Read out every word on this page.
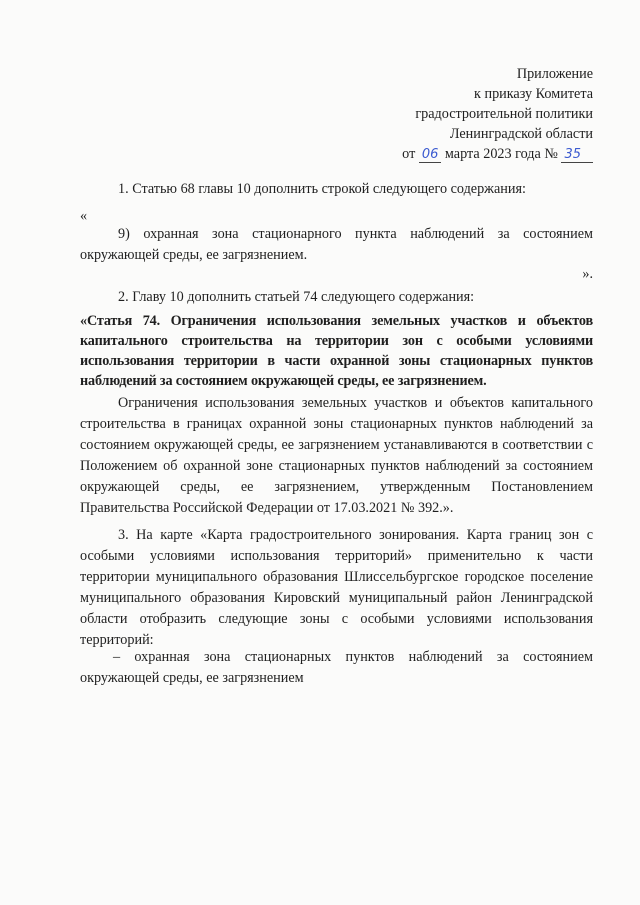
Приложение
к приказу Комитета
градостроительной политики
Ленинградской области
от 06 марта 2023 года № 35
1. Статью 68 главы 10 дополнить строкой следующего содержания:
«
9) охранная зона стационарного пункта наблюдений за состоянием окружающей среды, ее загрязнением.
».
2. Главу 10 дополнить статьей 74 следующего содержания:
«Статья 74. Ограничения использования земельных участков и объектов капитального строительства на территории зон с особыми условиями использования территории в части охранной зоны стационарных пунктов наблюдений за состоянием окружающей среды, ее загрязнением.
Ограничения использования земельных участков и объектов капитального строительства в границах охранной зоны стационарных пунктов наблюдений за состоянием окружающей среды, ее загрязнением устанавливаются в соответствии с Положением об охранной зоне стационарных пунктов наблюдений за состоянием окружающей среды, ее загрязнением, утвержденным Постановлением Правительства Российской Федерации от 17.03.2021 № 392.».
3. На карте «Карта градостроительного зонирования. Карта границ зон с особыми условиями использования территорий» применительно к части территории муниципального образования Шлиссельбургское городское поселение муниципального образования Кировский муниципальный район Ленинградской области отобразить следующие зоны с особыми условиями использования территорий:
– охранная зона стационарных пунктов наблюдений за состоянием окружающей среды, ее загрязнением
